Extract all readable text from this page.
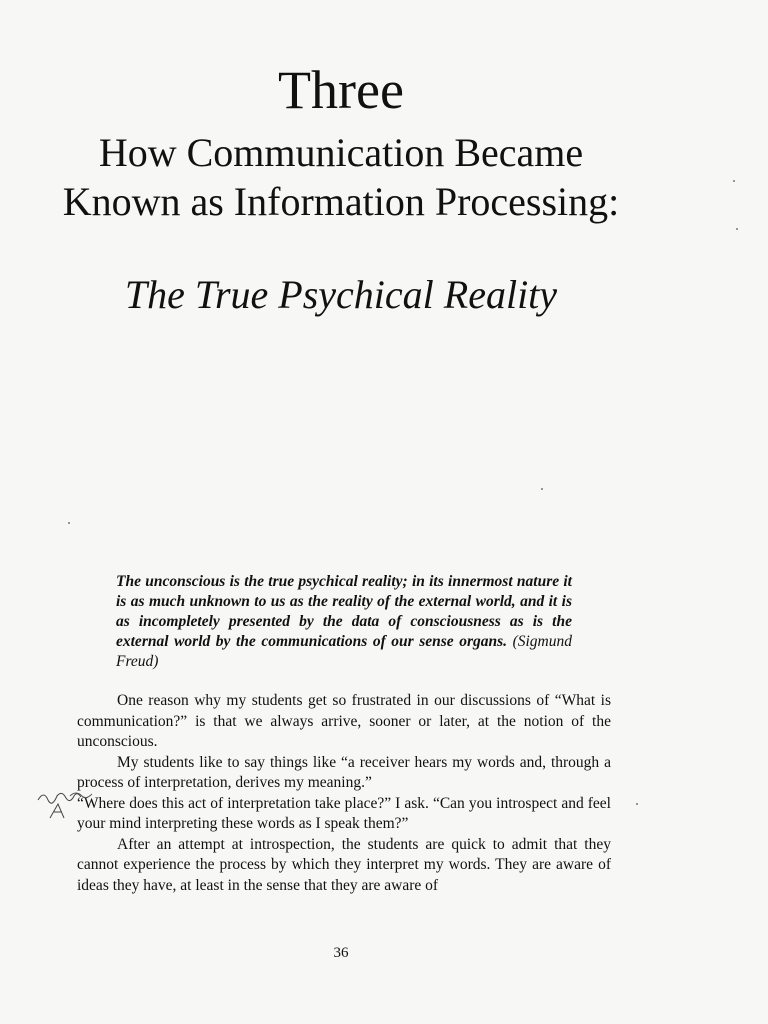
Three
How Communication Became Known as Information Processing:
The True Psychical Reality
The unconscious is the true psychical reality; in its innermost nature it is as much unknown to us as the reality of the external world, and it is as incompletely presented by the data of consciousness as is the external world by the communications of our sense organs. (Sigmund Freud)

One reason why my students get so frustrated in our discussions of “What is communication?” is that we always arrive, sooner or later, at the notion of the unconscious.

My students like to say things like “a receiver hears my words and, through a process of interpretation, derives my meaning.”

“Where does this act of interpretation take place?” I ask. “Can you introspect and feel your mind interpreting these words as I speak them?”

After an attempt at introspection, the students are quick to admit that they cannot experience the process by which they interpret my words. They are aware of ideas they have, at least in the sense that they are aware of

36
